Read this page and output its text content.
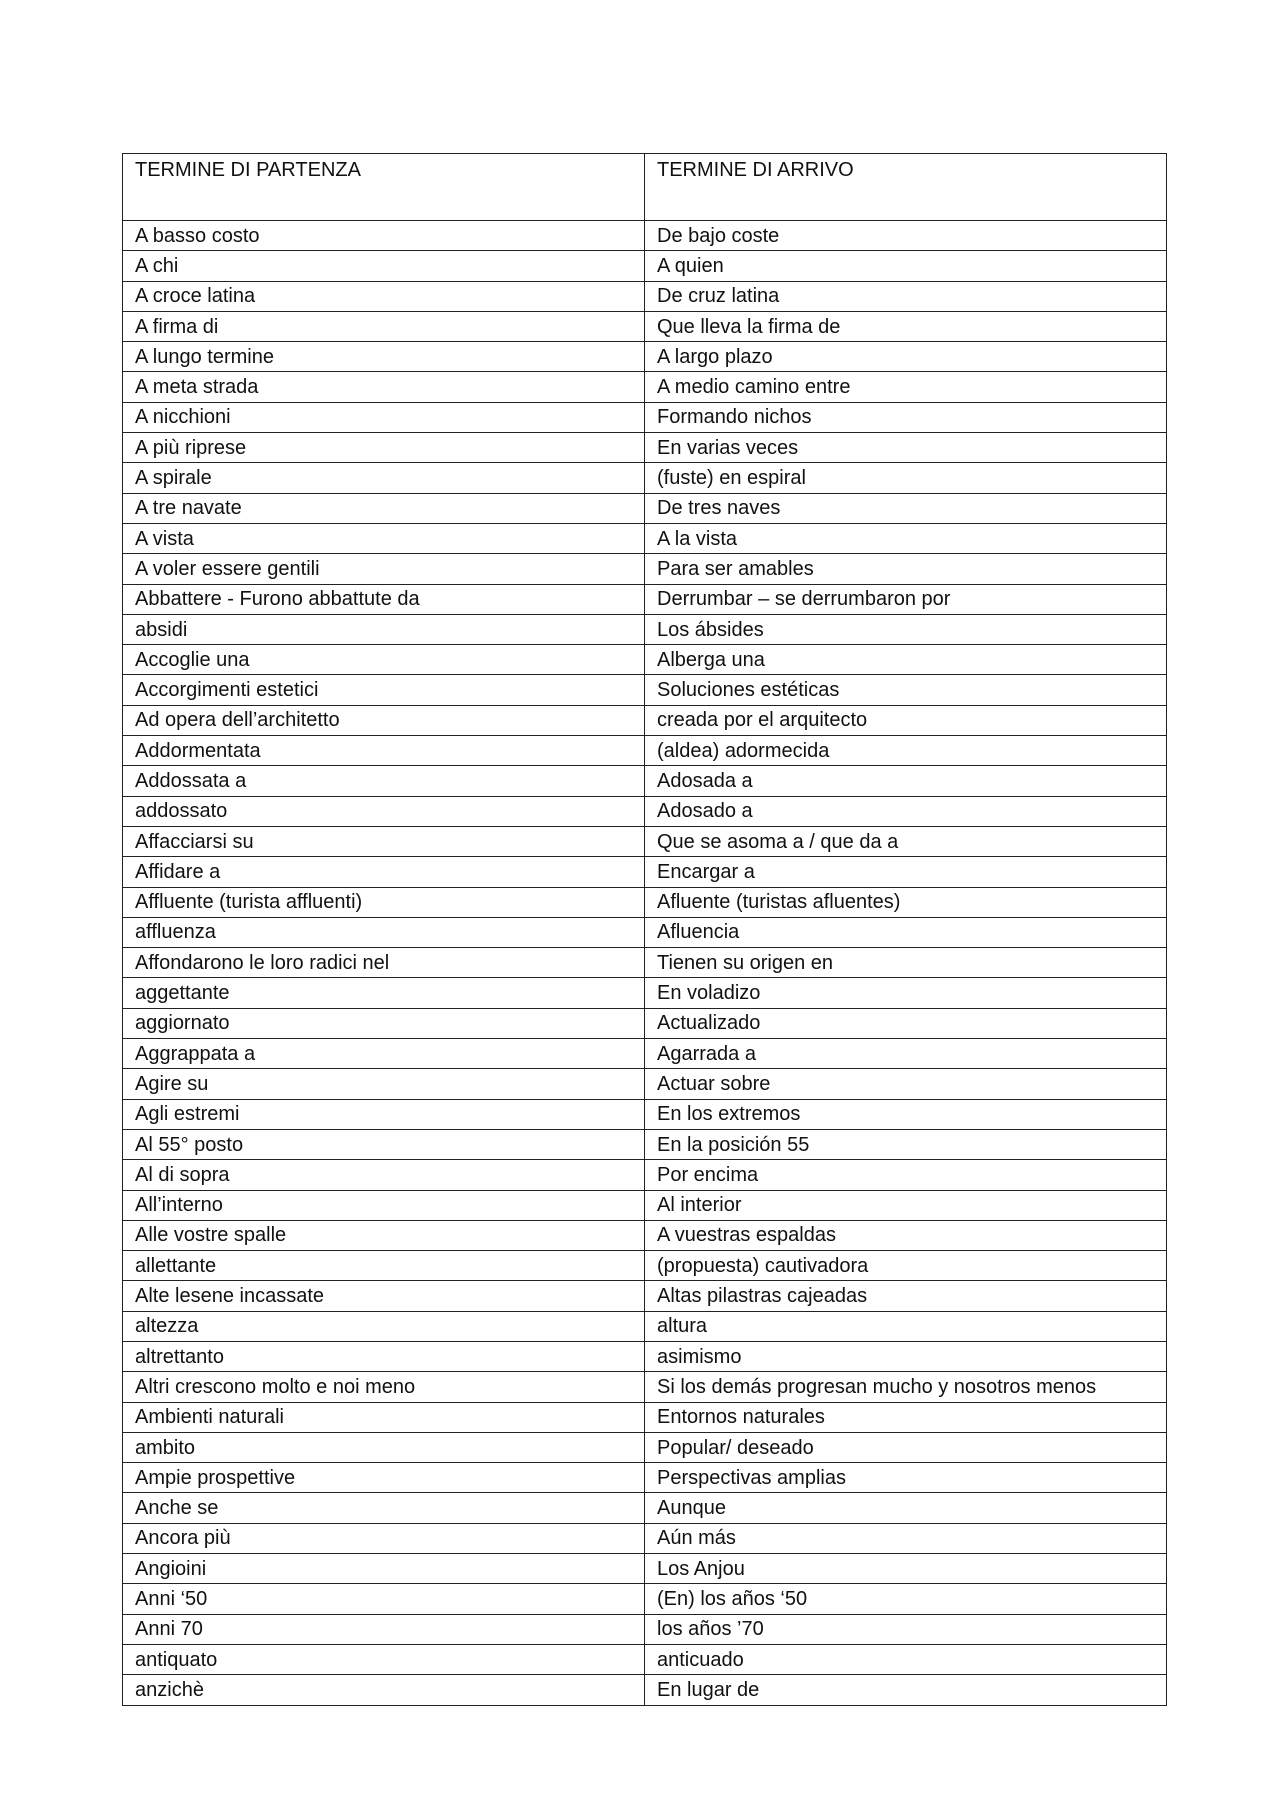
TERMINE DI PARTENZA	TERMINE DI ARRIVO
A basso costo	De bajo coste
A chi	A quien
A croce latina	De cruz latina
A firma di	Que lleva la firma de
A lungo termine	A largo plazo
A meta strada	A medio camino entre
A nicchioni	Formando nichos
A più riprese	En varias veces
A spirale	(fuste) en espiral
A tre navate	De tres naves
A vista	A la vista
A voler essere gentili	Para ser amables
Abbattere - Furono abbattute da	Derrumbar – se derrumbaron por
absidi	Los ábsides
Accoglie una	Alberga una
Accorgimenti estetici	Soluciones estéticas
Ad opera dell’architetto	creada por el arquitecto
Addormentata	(aldea) adormecida
Addossata a	Adosada a
addossato	Adosado a
Affacciarsi su	Que se asoma a / que da a
Affidare a	Encargar a
Affluente (turista affluenti)	Afluente (turistas afluentes)
affluenza	Afluencia
Affondarono le loro radici nel	Tienen su origen en
aggettante	En voladizo
aggiornato	Actualizado
Aggrappata a	Agarrada a
Agire su	Actuar sobre
Agli estremi	En los extremos
Al 55° posto	En la posición 55
Al di sopra	Por encima
All’interno	Al interior
Alle vostre spalle	A vuestras espaldas
allettante	(propuesta) cautivadora
Alte lesene incassate	Altas pilastras cajeadas
altezza	altura
altrettanto	asimismo
Altri crescono molto e noi meno	Si los demás progresan mucho y nosotros menos
Ambienti naturali	Entornos naturales
ambito	Popular/ deseado
Ampie prospettive	Perspectivas amplias
Anche se	Aunque
Ancora più	Aún más
Angioini	Los Anjou
Anni ‘50	(En) los años ‘50
Anni 70	los años ’70
antiquato	anticuado
anzichè	En lugar de
